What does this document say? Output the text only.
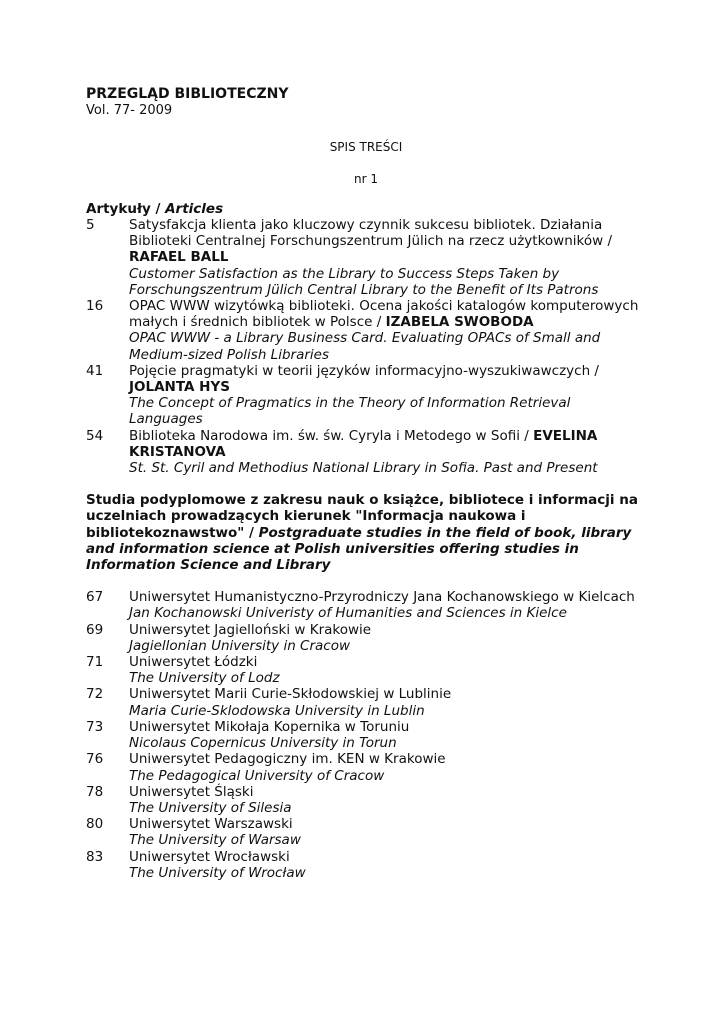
PRZEGLĄD BIBLIOTECZNY
Vol. 77- 2009
SPIS TREŚCI
nr 1
Artykuły / Articles
5	Satysfakcja klienta jako kluczowy czynnik sukcesu bibliotek. Działania Biblioteki Centralnej Forschungszentrum Jülich na rzecz użytkowników / RAFAEL BALL
Customer Satisfaction as the Library to Success Steps Taken by Forschungszentrum Jülich Central Library to the Benefit of Its Patrons
16	OPAC WWW wizytówką biblioteki. Ocena jakości katalogów komputerowych małych i średnich bibliotek w Polsce / IZABELA SWOBODA
OPAC WWW - a Library Business Card. Evaluating OPACs of Small and Medium-sized Polish Libraries
41	Pojęcie pragmatyki w teorii języków informacyjno-wyszukiwawczych / JOLANTA HYS
The Concept of Pragmatics in the Theory of Information Retrieval Languages
54	Biblioteka Narodowa im. św. św. Cyryla i Metodego w Sofii / EVELINA KRISTANOVA
St. St. Cyril and Methodius National Library in Sofia. Past and Present
Studia podyplomowe z zakresu nauk o książce, bibliotece i informacji na uczelniach prowadzących kierunek "Informacja naukowa i bibliotekoznawstwo" / Postgraduate studies in the field of book, library and information science at Polish universities offering studies in Information Science and Library
67	Uniwersytet Humanistyczno-Przyrodniczy Jana Kochanowskiego w Kielcach
Jan Kochanowski Univeristy of Humanities and Sciences in Kielce
69	Uniwersytet Jagielloński w Krakowie
Jagiellonian University in Cracow
71	Uniwersytet Łódzki
The University of Lodz
72	Uniwersytet Marii Curie-Skłodowskiej w Lublinie
Maria Curie-Sklodowska University in Lublin
73	Uniwersytet Mikołaja Kopernika w Toruniu
Nicolaus Copernicus University in Torun
76	Uniwersytet Pedagogiczny im. KEN w Krakowie
The Pedagogical University of Cracow
78	Uniwersytet Śląski
The University of Silesia
80	Uniwersytet Warszawski
The University of Warsaw
83	Uniwersytet Wrocławski
The University of Wrocław
